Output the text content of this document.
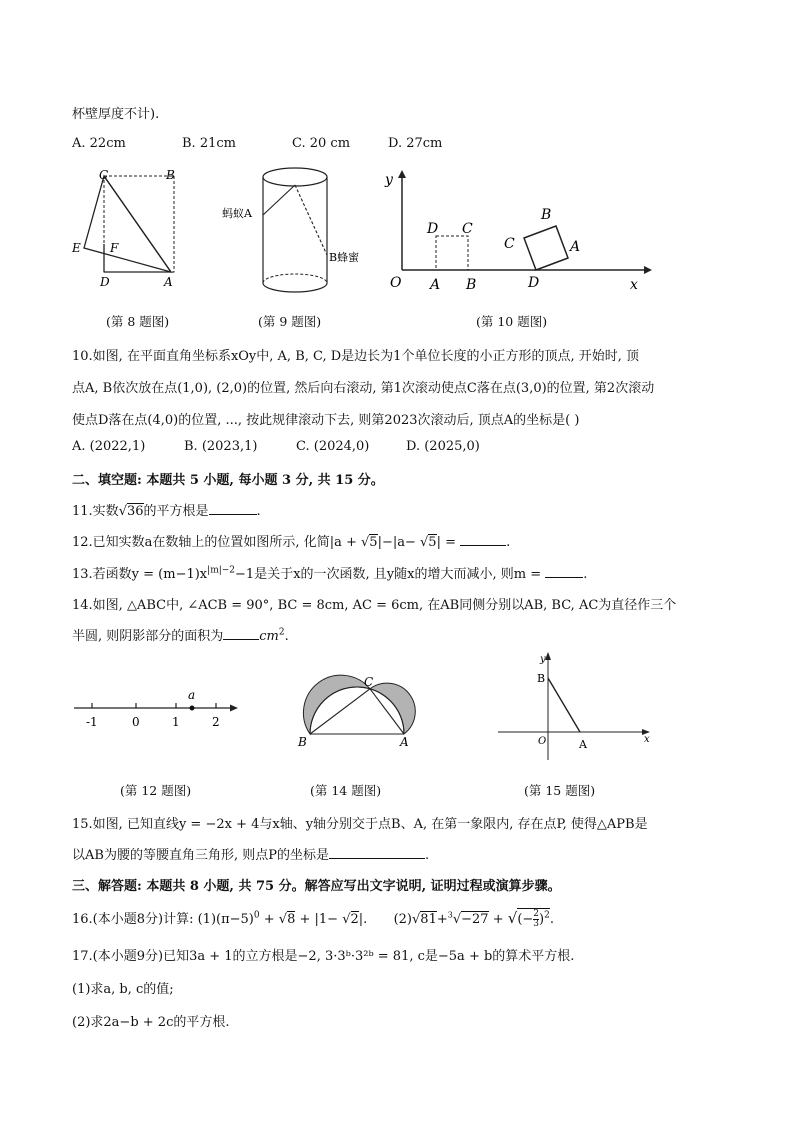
杯壁厚度不计).
A. 22cm	B. 21cm	C. 20 cm	D. 27cm
C	B
E F
D	A
(第 8 题图)
蚂蚁A
B蜂蜜
(第 9 题图)
y
D C
B
C	A
O A B	D	x
(第 10 题图)
10.如图, 在平面直角坐标系xOy中, A, B, C, D是边长为1个单位长度的小正方形的顶点, 开始时, 顶
点A, B依次放在点(1,0), (2,0)的位置, 然后向右滚动, 第1次滚动使点C落在点(3,0)的位置, 第2次滚动
使点D落在点(4,0)的位置, ..., 按此规律滚动下去, 则第2023次滚动后, 顶点A的坐标是( )
A. (2022,1)	B. (2023,1)	C. (2024,0)	D. (2025,0)
二、填空题: 本题共 5 小题, 每小题 3 分, 共 15 分。
11.实数√36的平方根是	.
12.已知实数a在数轴上的位置如图所示, 化简|a + √5|−|a− √5| =	.
13.若函数$y = (m-1)x^{|m|-2}-1$是关于x的一次函数, 且y随x的增大而减小, 则m =	.
14.如图, △ABC中, ∠ACB = 90°, BC = 8cm, AC = 6cm, 在AB同侧分别以AB, BC, AC为直径作三个
半圆, 则阴影部分的面积为	$cm^2$.
-1	0	1	2
a
(第 12 题图)
C
B	A
(第 14 题图)
y
B
O	A	x
(第 15 题图)
15.如图, 已知直线y = −2x + 4与x轴、y轴分别交于点B、A, 在第一象限内, 存在点P, 使得△APB是
以AB为腰的等腰直角三角形, 则点P的坐标是	.
三、解答题: 本题共 8 小题, 共 75 分。解答应写出文字说明, 证明过程或演算步骤。
16.(本小题8分)计算: $(1)(\pi-5)^0 + √8 + |1- √2|$. (2)√81+$^3$√−27 + √(− $\frac{2}{3} )^2$.
17.(本小题9分)已知3a + 1的立方根是−2, 3·3ᵇ·3²ᵇ = 81, c是−5a + b的算术平方根.
(1)求a, b, c的值;
(2)求2a−b + 2c的平方根.
